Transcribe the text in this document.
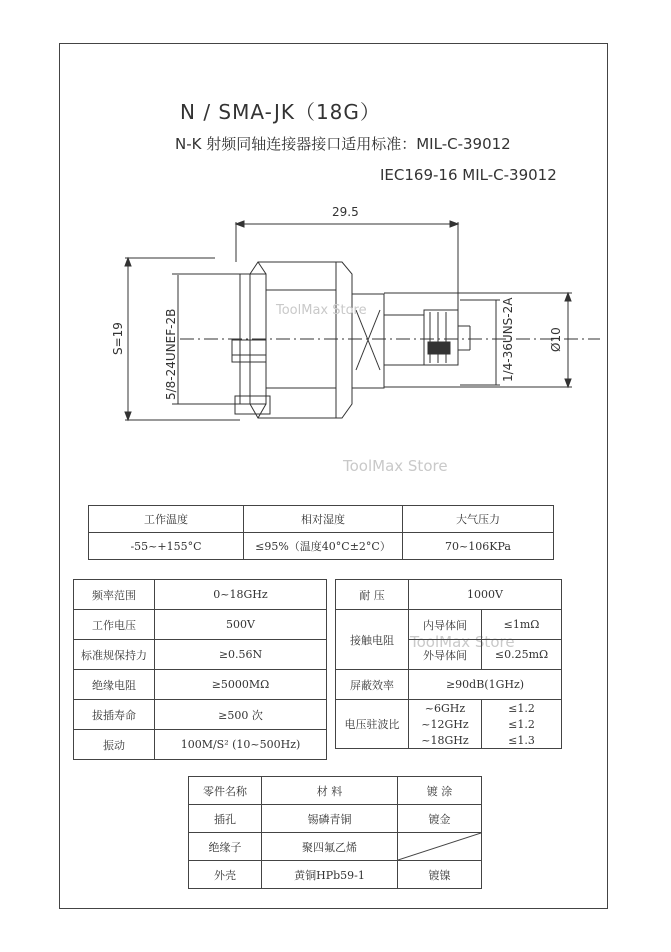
N / SMA-JK（18G）
N-K 射频同轴连接器接口适用标准：MIL-C-39012
IEC169-16 MIL-C-39012
29.5
S=19	5/8-24UNEF-2B	1/4-36UNS-2A	Ø10
ToolMax Store
ToolMax Store
ToolMax Store
工作温度	相对湿度	大气压力
-55~+155°C	≤95%（温度40°C±2°C）	70~106KPa
频率范围	0~18GHz
工作电压	500V
标准规保持力	≥0.56N
绝缘电阻	≥5000MΩ
拔插寿命	≥500 次
振动	100M/S² (10~500Hz)
耐 压	1000V	
接触电阻	内导体间	≤1mΩ
	外导体间	≤0.25mΩ
屏蔽效率	≥90dB(1GHz)	
电压驻波比	~6GHz	≤1.2
	~12GHz	≤1.2
	~18GHz	≤1.3
零件名称	材 料	镀 涂
插孔	锡磷青铜	镀金
绝缘子	聚四氟乙烯	

外壳	黄铜HPb59-1	镀镍
